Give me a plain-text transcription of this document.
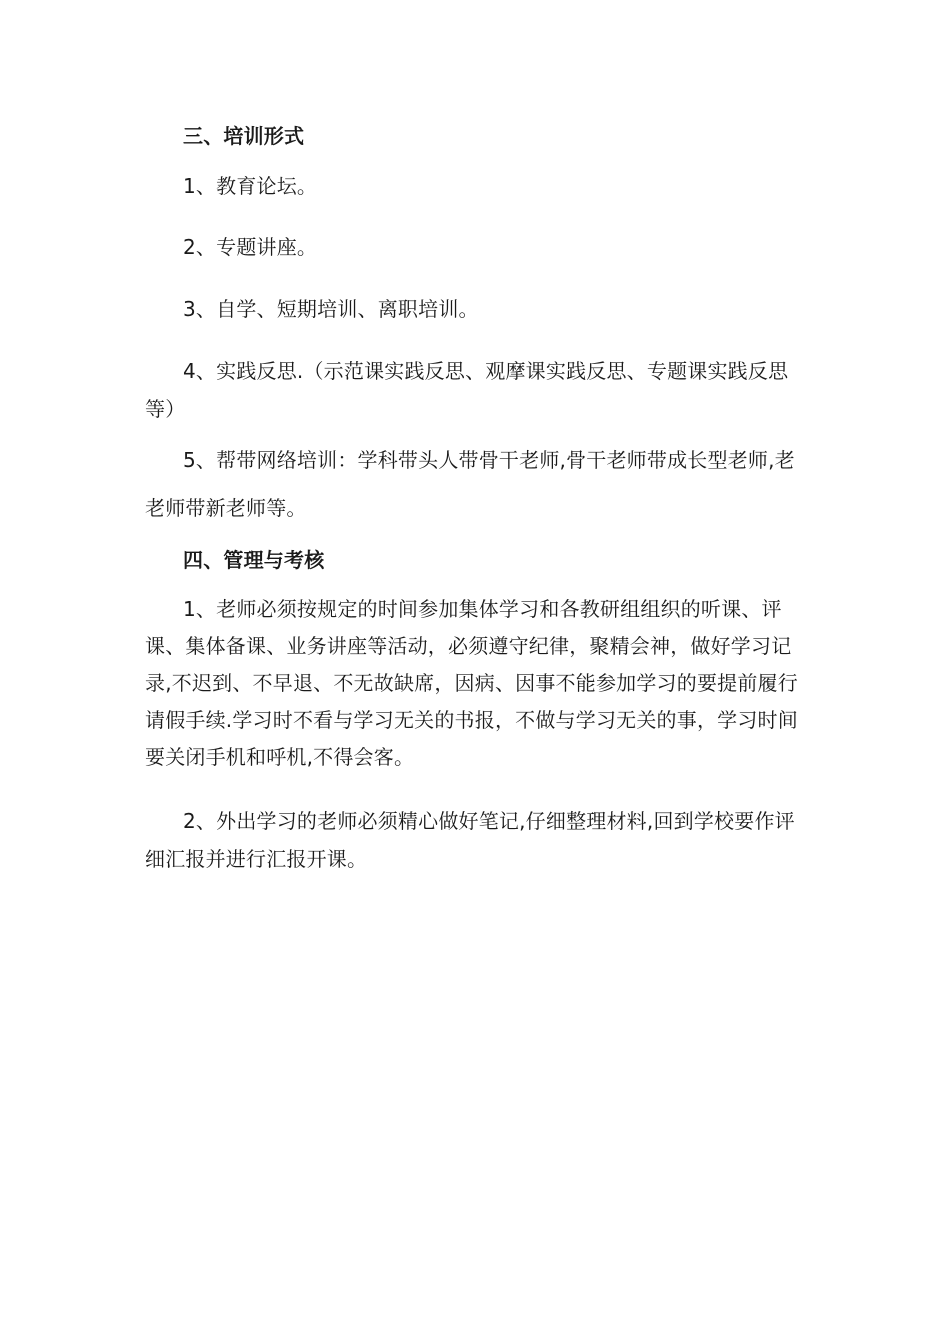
三、培训形式

1、教育论坛。

2、专题讲座。

3、自学、短期培训、离职培训。

4、实践反思.（示范课实践反思、观摩课实践反思、专题课实践反思等）

5、帮带网络培训：学科带头人带骨干老师,骨干老师带成长型老师,老老师带新老师等。

四、管理与考核

1、老师必须按规定的时间参加集体学习和各教研组组织的听课、评课、集体备课、业务讲座等活动，必须遵守纪律，聚精会神，做好学习记录,不迟到、不早退、不无故缺席，因病、因事不能参加学习的要提前履行请假手续.学习时不看与学习无关的书报，不做与学习无关的事，学习时间要关闭手机和呼机,不得会客。

2、外出学习的老师必须精心做好笔记,仔细整理材料,回到学校要作评细汇报并进行汇报开课。
